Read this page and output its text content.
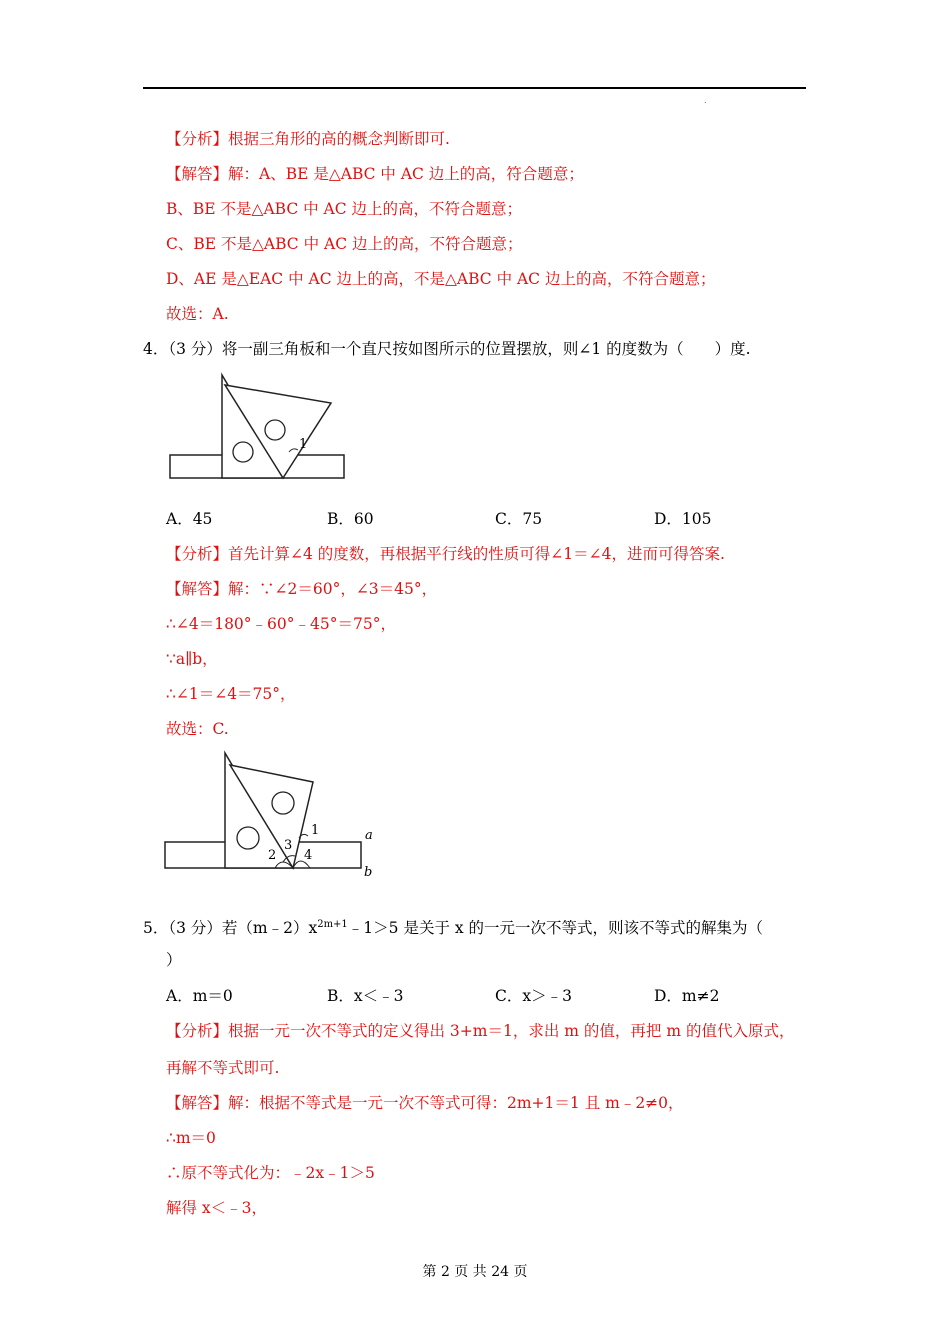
.
【分析】根据三角形的高的概念判断即可.
【解答】解：A、BE 是△ABC 中 AC 边上的高，符合题意；
B、BE 不是△ABC 中 AC 边上的高，不符合题意；
C、BE 不是△ABC 中 AC 边上的高，不符合题意；
D、AE 是△EAC 中 AC 边上的高，不是△ABC 中 AC 边上的高，不符合题意；
故选：A.
4．（3 分）将一副三角板和一个直尺按如图所示的位置摆放，则∠1 的度数为（　　）度.
1
A．45	B．60	C．75	D．105
【分析】首先计算∠4 的度数，再根据平行线的性质可得∠1＝∠4，进而可得答案.
【解答】解：∵∠2＝60°，∠3＝45°，
∴∠4＝180°﹣60°﹣45°＝75°，
∵a∥b，
∴∠1＝∠4＝75°，
故选：C.
1
2
3
4
a
b
5．（3 分）若$(m﹣2)x^{2m+1}﹣1>5$ 是关于 x 的一元一次不等式，则该不等式的解集为（
）
A．m＝0	B．x＜﹣3	C．x＞﹣3	D．m≠2
【分析】根据一元一次不等式的定义得出 3+m＝1，求出 m 的值，再把 m 的值代入原式，
再解不等式即可.
【解答】解：根据不等式是一元一次不等式可得：2m+1＝1 且 m﹣2≠0，
∴m＝0
∴原不等式化为：﹣2x﹣1＞5
解得 x＜﹣3，
第 2 页 共 24 页
